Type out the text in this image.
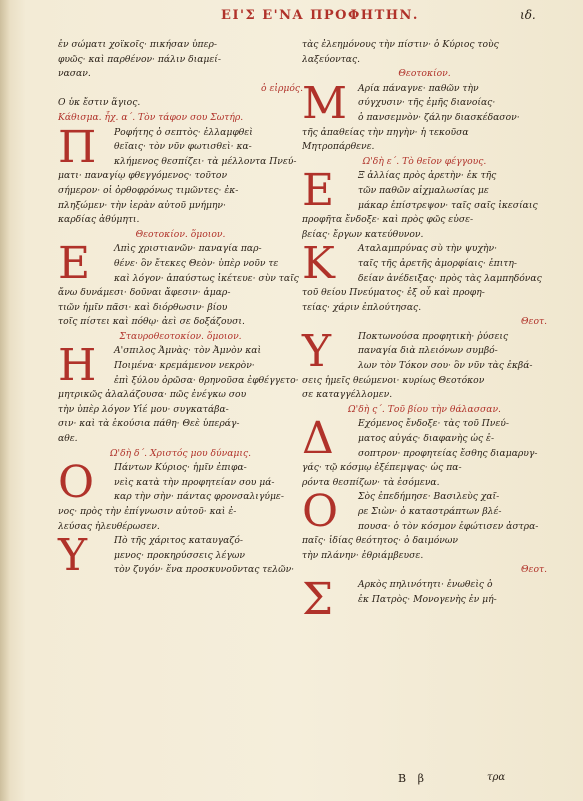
ΕΙ'Σ Ε'ΝΑ ΠΡΟΦΗΤΗΝ.	ιδ.
ἐν σώματι χοϊκοῖς· πικήσαν ὑπερ-
φυῶς· καὶ παρθένον· πάλιν διαμεί-
νασαν.
ὁ εἱρμός.
Ο ὐκ ἔστιν ἅγιος.
Κάθισμα. ἦχ. α΄. Τὸν τάφον σου Σωτήρ.
Π	Ροφήτης ὁ σεπτὸς· ἐλλαμφθεὶ
θεϊαις· τὸν νῦν φωτισθεὶ· κα-
κλήμενος θεσπίζει· τὰ μέλλοντα Πνεύ-
ματι· παναγίῳ φθεγγόμενος· τοῦτον
σήμερον· οἱ ὀρθοφρόνως τιμῶντες· ἐκ-
πληξώμεν· τὴν ἱερὰν αὐτοῦ μνήμην·
καρδίας ἀθύμητι.
Θεοτοκίον. ὅμοιον.
Ε	Λπὶς χριστιανῶν· παναγία παρ-
θένε· ὃν ἔτεκες Θεὸν· ὑπὲρ νοῦν τε
καὶ λόγον· ἀπαύστως ἱκέτευε· σὺν ταῖς
ἄνω δυνάμεσι· δοῦναι ἄφεσιν· ἀμαρ-
τιῶν ἡμῖν πᾶσι· καὶ διόρθωσιν· βίου
τοῖς πίστει καὶ πόθῳ· ἀεὶ σε δοξάζουσι.
Σταυροθεοτοκίον. ὅμοιον.
Η	Α'σπιλος Ἀμνὰς· τὸν Ἀμνὸν καὶ
Ποιμένα· κρεμάμενον νεκρὸν·
ἐπὶ ξύλου ὁρῶσα· θρηνοῦσα ἐφθέγγετο·
μητρικῶς ἀλαλάζουσα· πῶς ἐνέγκω σου
τὴν ὑπὲρ λόγον Υἱέ μου· συγκατάβα-
σιν· καὶ τὰ ἑκούσια πάθη· Θεὲ ὑπεράγ-
αθε.
Ω'δὴ δ΄. Χριστός μου δύναμις.
Ο	Πάντων Κύριος· ἡμῖν ἐπιφα-
νεὶς κατὰ τὴν προφητείαν σου μά-
καρ τὴν σὴν· πάντας φρονσαλιγύμε-
νος· πρὸς τὴν ἐπίγνωσιν αὐτοῦ· καὶ ἐ-
λεύσας ἠλευθέρωσεν.
Υ	Πὸ τῆς χάριτος καταυγαζό-
μενος· προκηρύσσεις λέγων
τὸν ζυγόν· ἕνα προσκυνοῦντας τελῶν·
τὰς ἐλεημόνους τὴν πίστιν· ὁ Κύριος τοὺς
λαξεύοντας.
Θεοτοκίον.
Μ	Αρία πάναγνε· παθῶν τὴν
σύγχυσιν· τῆς ἐμῆς διανοίας·
ὁ πανσεμνὸν· ζάλην διασκέδασον·
τῆς ἀπαθείας τὴν πηγὴν· ἡ τεκοῦσα
Μητροπάρθενε.
Ω'δὴ ε΄. Τὸ θεῖον φέγγους.
Ε	Ξ ἀλλίας πρὸς ἀρετὴν· ἐκ τῆς
τῶν παθῶν αἰχμαλωσίας με
μάκαρ ἐπίστρεψον· ταῖς σαῖς ἱκεσίαις
προφῆτα ἔνδοξε· καὶ πρὸς φῶς εὐσε-
βείας· ἔργων κατεύθυνον.
Κ	Αταλαμπρύνας σὺ τὴν ψυχὴν·
ταῖς τῆς ἀρετῆς ἀμορφίαις· ἐπιτη-
δείαν ἀνέδειξας· πρὸς τὰς λαμπηδόνας
τοῦ θείου Πνεύματος· ἐξ οὗ καὶ προφη-
τείας· χάριν ἐπλούτησας.
Θεοτ.
Υ	Ποκτωνούσα προφητικὴ· ῥύσεις
παναγία διὰ πλειόνων συμβό-
λων τὸν Τόκον σου· ὃν νῦν τὰς ἐκβά-
σεις ἡμεῖς θεώμενοι· κυρίως Θεοτόκον
σε καταγγέλλομεν.
Ω'δὴ ς΄. Τοῦ βίου τὴν θάλασσαν.
Δ	Εχόμενος ἔνδοξε· τὰς τοῦ Πνεύ-
ματος αὐγάς· διαφανὴς ὡς ἐ-
σοπτρον· προφητείας ἔσθης διαμαρυγ-
γάς· τῷ κόσμῳ ἐξέπεμψας· ὡς πα-
ρόντα θεσπίζων· τὰ ἐσόμενα.
Ο	Σὸς ἐπεδήμησε· Βασιλεὺς χαῖ-
ρε Σιὼν· ὁ καταστράπτων βλέ-
πουσα· ὁ τὸν κόσμον ἐφώτισεν ἀστρα-
παῖς· ἰδίας θεότητος· ὁ δαιμόνων
τὴν πλάνην· ἐθριάμβευσε.
Θεοτ.
Σ	Αρκὸς πηλινότητι· ἐνωθεὶς ὁ
ἐκ Πατρὸς· Μονογενὴς ἐν μή-
Β β	τρα
